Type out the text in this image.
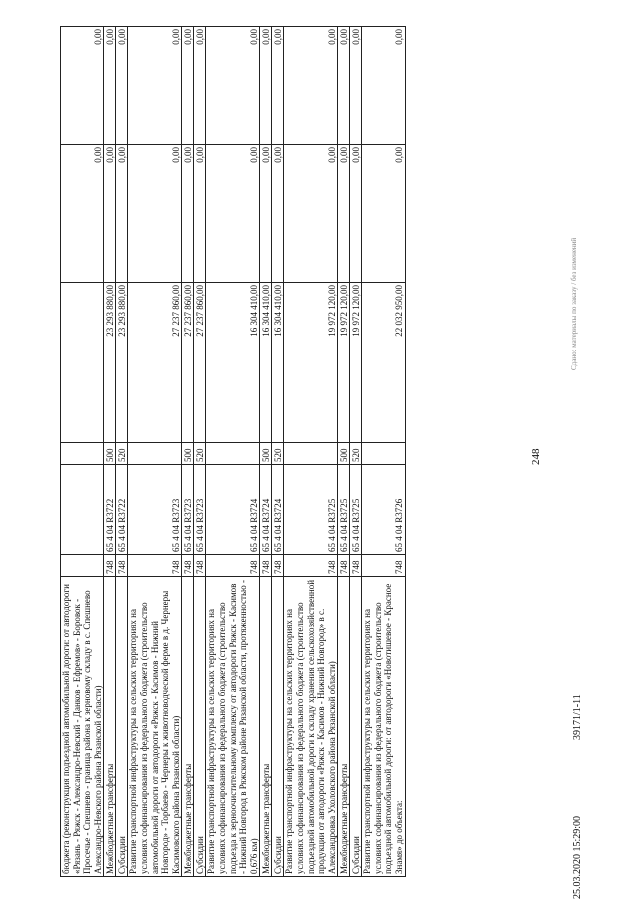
248
бюджета (реконструкция подъездной автомобильной дороги: от автодороги «Рязань - Ряжск - Александро-Невский - Данков - Ефремов» - Боровок - Просечье - Спешнево - граница района к зерновому складу в с. Спешнево Александро-Невского района Рязанской области)					0,00	0,00
Межбюджетные трансферты	748	65 4 04 R3722	500	23 293 880,00	0,00	0,00
Субсидии	748	65 4 04 R3722	520	23 293 880,00	0,00	0,00
Развитие транспортной инфраструктуры на сельских территориях на условиях софинансирования из федерального бюджета (строительство автомобильной дороги от автодороги «Ряжск - Касимов - Нижний Новгород» - Торбаево - Чернеры к животноводческой ферме в д. Чернеры Касимовского района Рязанской области)	748	65 4 04 R3723		27 237 860,00	0,00	0,00
Межбюджетные трансферты	748	65 4 04 R3723	500	27 237 860,00	0,00	0,00
Субсидии	748	65 4 04 R3723	520	27 237 860,00	0,00	0,00
Развитие транспортной инфраструктуры на сельских территориях на условиях софинансирования из федерального бюджета (строительство подъезда к зерноочистительному комплексу от автодороги Ряжск - Касимов - Нижний Новгород в Ряжском районе Рязанской области, протяженностью - 0,676 км)	748	65 4 04 R3724		16 304 410,00	0,00	0,00
Межбюджетные трансферты	748	65 4 04 R3724	500	16 304 410,00	0,00	0,00
Субсидии	748	65 4 04 R3724	520	16 304 410,00	0,00	0,00
Развитие транспортной инфраструктуры на сельских территориях на условиях софинансирования из федерального бюджета (строительство подъездной автомобильной дороги к складу хранения сельскохозяйственной продукции от автодороги «Ряжск - Касимов - Нижний Новгород» в с. Александровка Ухоловского района Рязанской области)	748	65 4 04 R3725		19 972 120,00	0,00	0,00
Межбюджетные трансферты	748	65 4 04 R3725	500	19 972 120,00	0,00	0,00
Субсидии	748	65 4 04 R3725	520	19 972 120,00	0,00	0,00
Развитие транспортной инфраструктуры на сельских территориях на условиях софинансирования из федерального бюджета (строительство подъездной автомобильной дороги: от автодороги «Новотишевое - Красное Знамя» до объекта:	748	65 4 04 R3726		22 032 950,00	0,00	0,00
25.03.2020 15:29:00
39171/1-11
Сдано: материалы по заказу / без изменений
